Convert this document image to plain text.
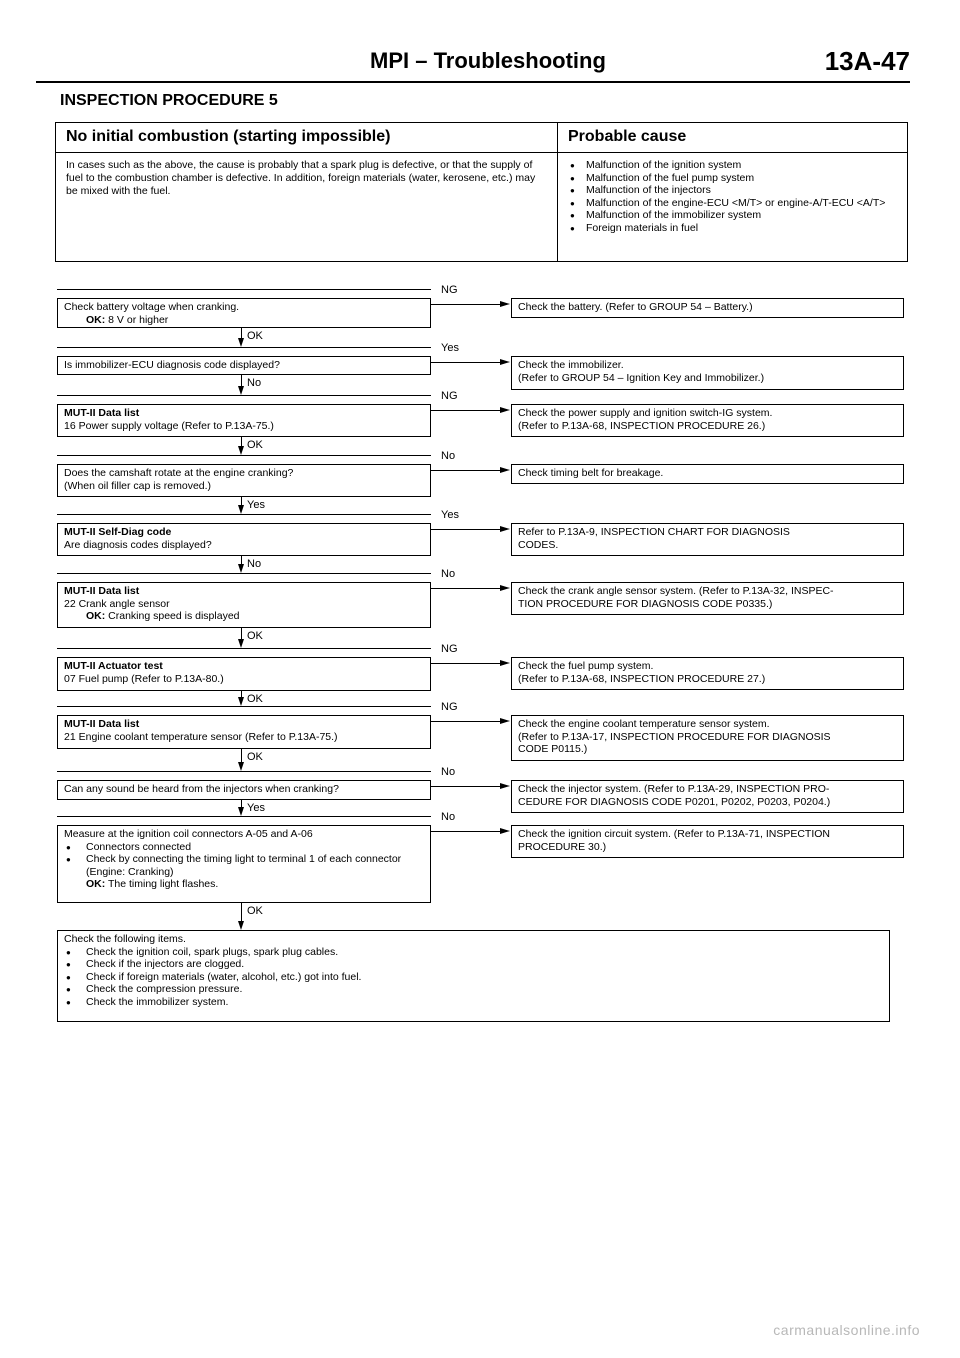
MPI – Troubleshooting	13A-47
INSPECTION PROCEDURE 5
No initial combustion (starting impossible)	Probable cause
In cases such as the above, the cause is probably that a spark plug is defective, or that the supply of fuel to the combustion chamber is defective. In addition, foreign materials (water, kerosene, etc.) may be mixed with the fuel.
● Malfunction of the ignition system
● Malfunction of the fuel pump system
● Malfunction of the injectors
● Malfunction of the engine-ECU <M/T> or engine-A/T-ECU <A/T>
● Malfunction of the immobilizer system
● Foreign materials in fuel
Check battery voltage when cranking.
OK: 8 V or higher
NG
Check the battery. (Refer to GROUP 54 – Battery.)
OK
Is immobilizer-ECU diagnosis code displayed?
Yes
Check the immobilizer.
(Refer to GROUP 54 – Ignition Key and Immobilizer.)
No
MUT-II Data list
16 Power supply voltage (Refer to P.13A-75.)
NG
Check the power supply and ignition switch-IG system.
(Refer to P.13A-68, INSPECTION PROCEDURE 26.)
OK
Does the camshaft rotate at the engine cranking?
(When oil filler cap is removed.)
No
Check timing belt for breakage.
Yes
MUT-II Self-Diag code
Are diagnosis codes displayed?
Yes
Refer to P.13A-9, INSPECTION CHART FOR DIAGNOSIS
CODES.
No
MUT-II Data list
22 Crank angle sensor
OK: Cranking speed is displayed
No
Check the crank angle sensor system. (Refer to P.13A-32, INSPEC-
TION PROCEDURE FOR DIAGNOSIS CODE P0335.)
OK
MUT-II Actuator test
07 Fuel pump (Refer to P.13A-80.)
NG
Check the fuel pump system.
(Refer to P.13A-68, INSPECTION PROCEDURE 27.)
OK
MUT-II Data list
21 Engine coolant temperature sensor (Refer to P.13A-75.)
NG
Check the engine coolant temperature sensor system.
(Refer to P.13A-17, INSPECTION PROCEDURE FOR DIAGNOSIS
CODE P0115.)
OK
Can any sound be heard from the injectors when cranking?
No
Check the injector system. (Refer to P.13A-29, INSPECTION PRO-
CEDURE FOR DIAGNOSIS CODE P0201, P0202, P0203, P0204.)
Yes
Measure at the ignition coil connectors A-05 and A-06
● Connectors connected
● Check by connecting the timing light to terminal 1 of each connector (Engine: Cranking)
OK: The timing light flashes.
No
Check the ignition circuit system. (Refer to P.13A-71, INSPECTION
PROCEDURE 30.)
OK
Check the following items.
● Check the ignition coil, spark plugs, spark plug cables.
● Check if the injectors are clogged.
● Check if foreign materials (water, alcohol, etc.) got into fuel.
● Check the compression pressure.
● Check the immobilizer system.
carmanualsonline.info
